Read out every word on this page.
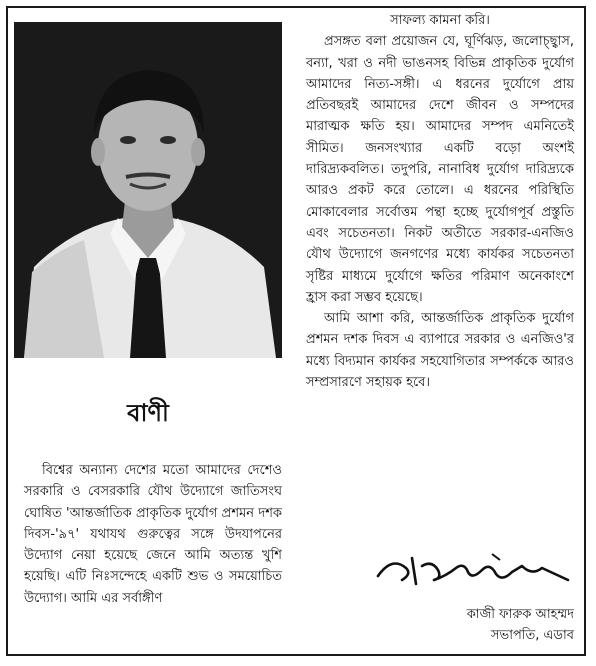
বাণী

বিশ্বের অন্যান্য দেশের মতো আমাদের দেশেও সরকারি ও বেসরকারি যৌথ উদ্যোগে জাতিসংঘ ঘোষিত 'আন্তর্জাতিক প্রাকৃতিক দুর্যোগ প্রশমন দশক দিবস-'৯৭' যথাযথ গুরুত্বের সঙ্গে উদযাপনের উদ্যোগ নেয়া হয়েছে জেনে আমি অত্যন্ত খুশি হয়েছি। এটি নিঃসন্দেহে একটি শুভ ও সময়োচিত উদ্যোগ। আমি এর সর্বাঙ্গীণ

সাফল্য কামনা করি।

প্রসঙ্গত বলা প্রয়োজন যে, ঘূর্ণিঝড়, জলোচ্ছ্বাস, বন্যা, খরা ও নদী ভাঙনসহ বিভিন্ন প্রাকৃতিক দুর্যোগ আমাদের নিত্য-সঙ্গী। এ ধরনের দুর্যোগে প্রায় প্রতিবছরই আমাদের দেশে জীবন ও সম্পদের মারাত্মক ক্ষতি হয়। আমাদের সম্পদ এমনিতেই সীমিত। জনসংখ্যার একটি বড়ো অংশই দারিদ্র্যকবলিত। তদুপরি, নানাবিধ দুর্যোগ দারিদ্র্যকে আরও প্রকট করে তোলে। এ ধরনের পরিস্থিতি মোকাবেলার সর্বোত্তম পন্থা হচ্ছে দুর্যোগপূর্ব প্রস্তুতি এবং সচেতনতা। নিকট অতীতে সরকার-এনজিও যৌথ উদ্যোগে জনগণের মধ্যে কার্যকর সচেতনতা সৃষ্টির মাধ্যমে দুর্যোগে ক্ষতির পরিমাণ অনেকাংশে হ্রাস করা সম্ভব হয়েছে।

আমি আশা করি, আন্তর্জাতিক প্রাকৃতিক দুর্যোগ প্রশমন দশক দিবস এ ব্যাপারে সরকার ও এনজিও'র মধ্যে বিদ্যমান কার্যকর সহযোগিতার সম্পর্ককে আরও সম্প্রসারণে সহায়ক হবে।

কাজী ফারুক আহম্মদ
সভাপতি, এডাব
